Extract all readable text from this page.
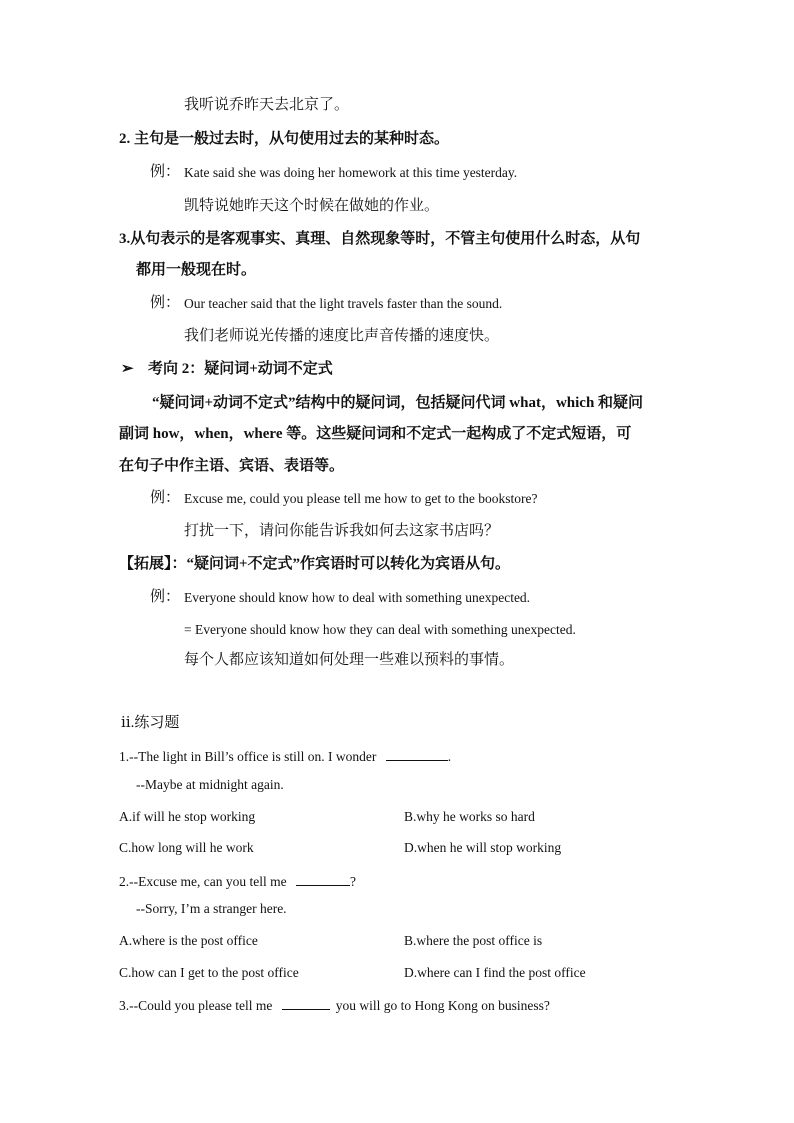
我听说乔昨天去北京了。
2. 主句是一般过去时，从句使用过去的某种时态。
例： Kate said she was doing her homework at this time yesterday.
凯特说她昨天这个时候在做她的作业。
3.从句表示的是客观事实、真理、自然现象等时，不管主句使用什么时态，从句
都用一般现在时。
例： Our teacher said that the light travels faster than the sound.
我们老师说光传播的速度比声音传播的速度快。
➢ 考向 2：疑问词+动词不定式
“疑问词+动词不定式”结构中的疑问词，包括疑问代词 what，which 和疑问
副词 how，when，where 等。这些疑问词和不定式一起构成了不定式短语，可
在句子中作主语、宾语、表语等。
例： Excuse me, could you please tell me how to get to the bookstore?
打扰一下，请问你能告诉我如何去这家书店吗？
【拓展】：“疑问词+不定式”作宾语时可以转化为宾语从句。
例： Everyone should know how to deal with something unexpected.
= Everyone should know how they can deal with something unexpected.
每个人都应该知道如何处理一些难以预料的事情。
ⅱ.练习题
1.--The light in Bill’s office is still on. I wonder	.
--Maybe at midnight again.
A.if will he stop working	B.why he works so hard
C.how long will he work	D.when he will stop working
2.--Excuse me, can you tell me	?
--Sorry, I’m a stranger here.
A.where is the post office	B.where the post office is
C.how can I get to the post office	D.where can I find the post office
3.--Could you please tell me	you will go to Hong Kong on business?
